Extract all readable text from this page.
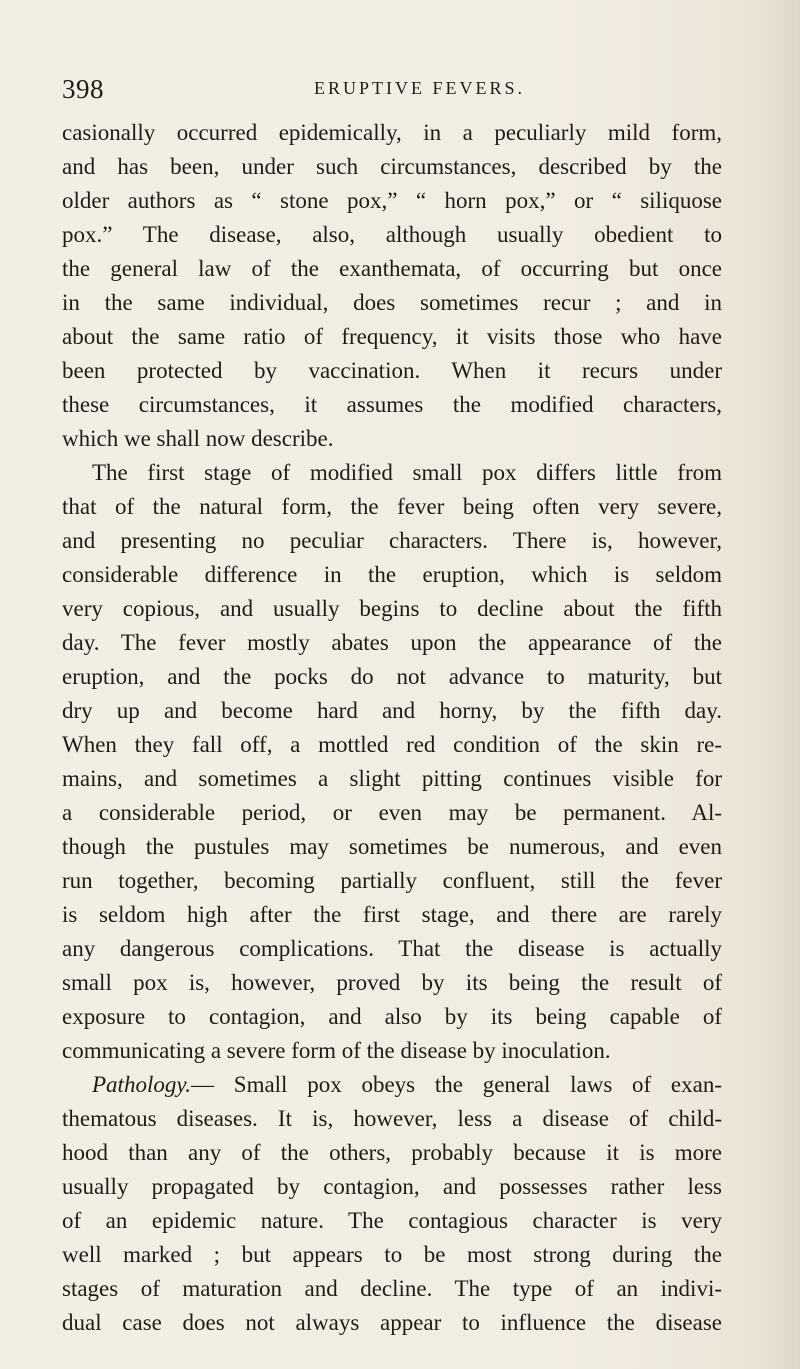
398	ERUPTIVE FEVERS.
casionally occurred epidemically, in a peculiarly mild form,
and has been, under such circumstances, described by the
older authors as “ stone pox,” “ horn pox,” or “ siliquose
pox.” The disease, also, although usually obedient to
the general law of the exanthemata, of occurring but once
in the same individual, does sometimes recur ; and in
about the same ratio of frequency, it visits those who have
been protected by vaccination. When it recurs under
these circumstances, it assumes the modified characters,
which we shall now describe.
The first stage of modified small pox differs little from
that of the natural form, the fever being often very severe,
and presenting no peculiar characters. There is, however,
considerable difference in the eruption, which is seldom
very copious, and usually begins to decline about the fifth
day. The fever mostly abates upon the appearance of the
eruption, and the pocks do not advance to maturity, but
dry up and become hard and horny, by the fifth day.
When they fall off, a mottled red condition of the skin re-
mains, and sometimes a slight pitting continues visible for
a considerable period, or even may be permanent. Al-
though the pustules may sometimes be numerous, and even
run together, becoming partially confluent, still the fever
is seldom high after the first stage, and there are rarely
any dangerous complications. That the disease is actually
small pox is, however, proved by its being the result of
exposure to contagion, and also by its being capable of
communicating a severe form of the disease by inoculation.
Pathology.— Small pox obeys the general laws of exan-
thematous diseases. It is, however, less a disease of child-
hood than any of the others, probably because it is more
usually propagated by contagion, and possesses rather less
of an epidemic nature. The contagious character is very
well marked ; but appears to be most strong during the
stages of maturation and decline. The type of an indivi-
dual case does not always appear to influence the disease
